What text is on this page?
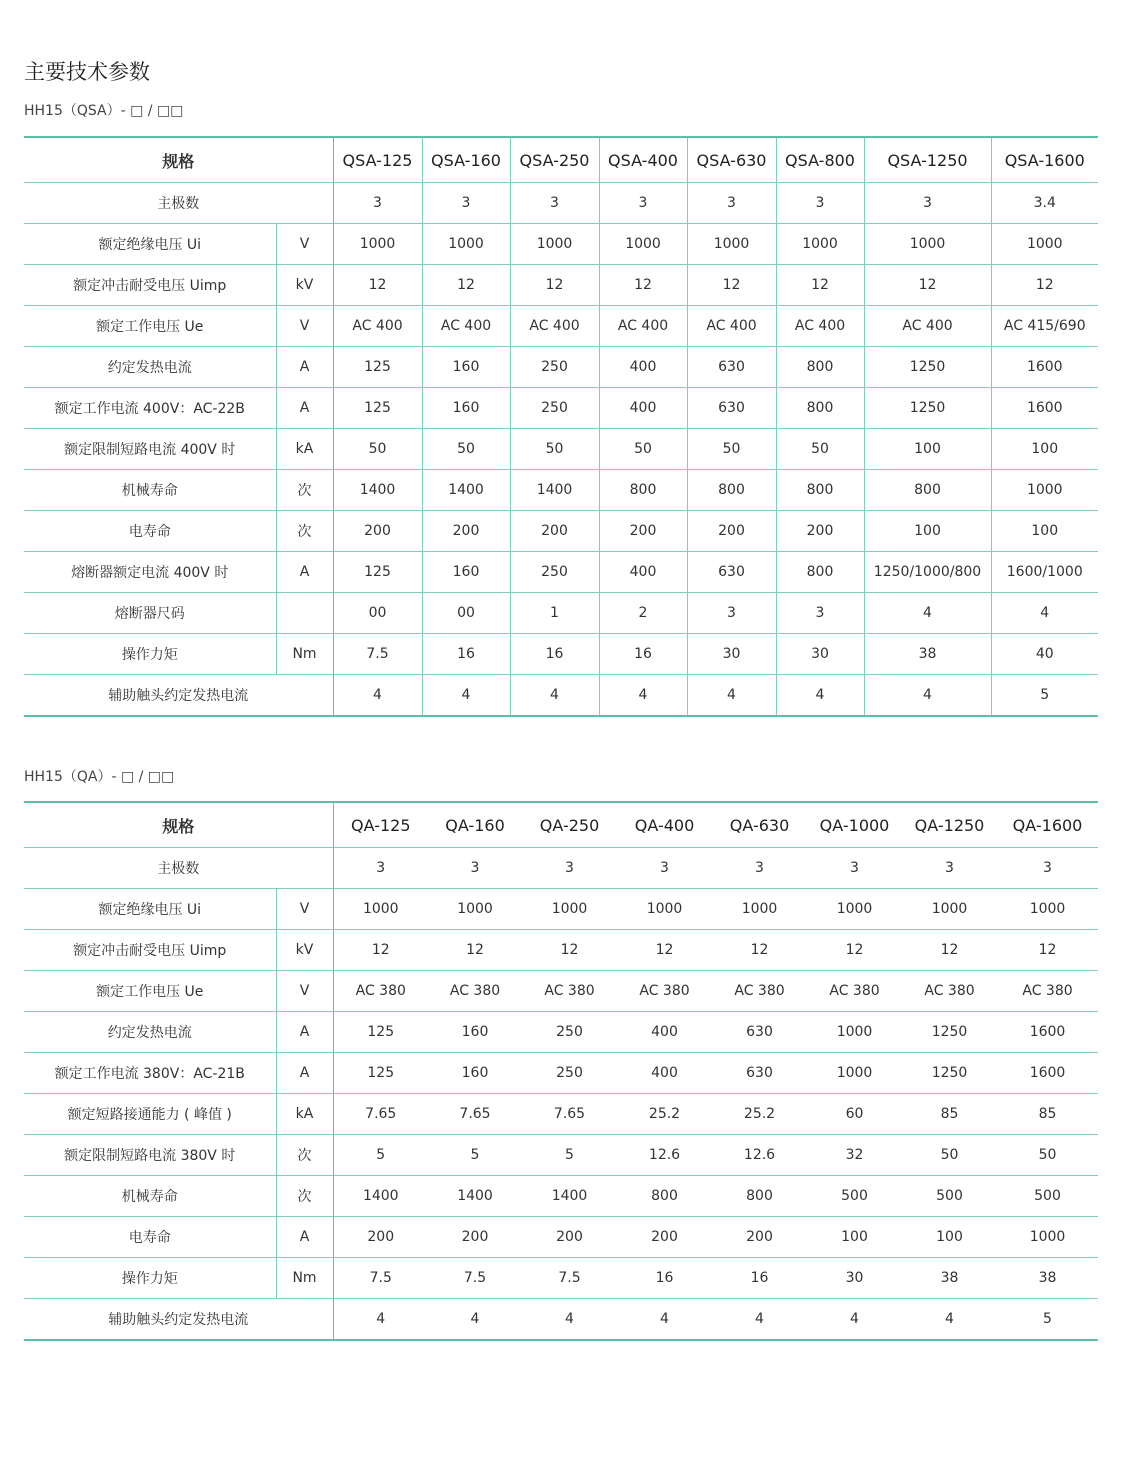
主要技术参数
HH15（QSA）- □ / □□
规格		QSA-125	QSA-160	QSA-250	QSA-400	QSA-630	QSA-800	QSA-1250	QSA-1600
主极数		3	3	3	3	3	3	3	3.4
额定绝缘电压 Ui	V	1000	1000	1000	1000	1000	1000	1000	1000
额定冲击耐受电压 Uimp	kV	12	12	12	12	12	12	12	12
额定工作电压 Ue	V	AC 400	AC 400	AC 400	AC 400	AC 400	AC 400	AC 400	AC 415/690
约定发热电流	A	125	160	250	400	630	800	1250	1600
额定工作电流 400V：AC-22B	A	125	160	250	400	630	800	1250	1600
额定限制短路电流 400V 时	kA	50	50	50	50	50	50	100	100
机械寿命	次	1400	1400	1400	800	800	800	800	1000
电寿命	次	200	200	200	200	200	200	100	100
熔断器额定电流 400V 时	A	125	160	250	400	630	800	1250/1000/800	1600/1000
熔断器尺码		00	00	1	2	3	3	4	4
操作力矩	Nm	7.5	16	16	16	30	30	38	40
辅助触头约定发热电流		4	4	4	4	4	4	4	5
HH15（QA）- □ / □□
规格		QA-125	QA-160	QA-250	QA-400	QA-630	QA-1000	QA-1250	QA-1600
主极数		3	3	3	3	3	3	3	3
额定绝缘电压 Ui	V	1000	1000	1000	1000	1000	1000	1000	1000
额定冲击耐受电压 Uimp	kV	12	12	12	12	12	12	12	12
额定工作电压 Ue	V	AC 380	AC 380	AC 380	AC 380	AC 380	AC 380	AC 380	AC 380
约定发热电流	A	125	160	250	400	630	1000	1250	1600
额定工作电流 380V：AC-21B	A	125	160	250	400	630	1000	1250	1600
额定短路接通能力 ( 峰值 )	kA	7.65	7.65	7.65	25.2	25.2	60	85	85
额定限制短路电流 380V 时	次	5	5	5	12.6	12.6	32	50	50
机械寿命	次	1400	1400	1400	800	800	500	500	500
电寿命	A	200	200	200	200	200	100	100	1000
操作力矩	Nm	7.5	7.5	7.5	16	16	30	38	38
辅助触头约定发热电流		4	4	4	4	4	4	4	5
